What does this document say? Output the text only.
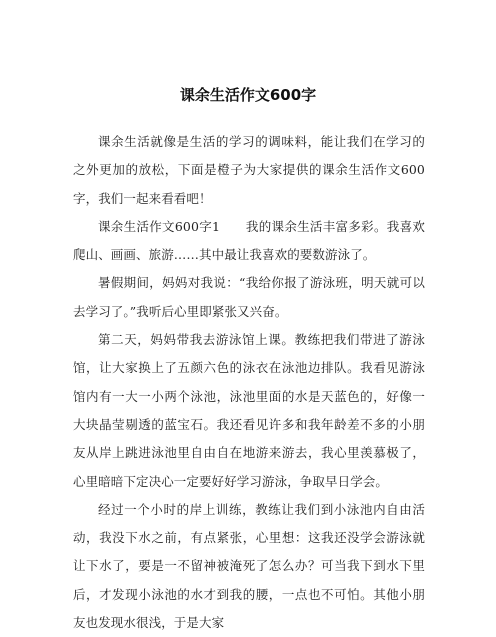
课余生活作文600字

课余生活就像是生活的学习的调味料，能让我们在学习的之外更加的放松，下面是橙子为大家提供的课余生活作文600字，我们一起来看看吧！

课余生活作文600字1　　我的课余生活丰富多彩。我喜欢爬山、画画、旅游……其中最让我喜欢的要数游泳了。

暑假期间，妈妈对我说：“我给你报了游泳班，明天就可以去学习了。”我听后心里即紧张又兴奋。

第二天，妈妈带我去游泳馆上课。教练把我们带进了游泳馆，让大家换上了五颜六色的泳衣在泳池边排队。我看见游泳馆内有一大一小两个泳池，泳池里面的水是天蓝色的，好像一大块晶莹剔透的蓝宝石。我还看见许多和我年龄差不多的小朋友从岸上跳进泳池里自由自在地游来游去，我心里羡慕极了，心里暗暗下定决心一定要好好学习游泳，争取早日学会。

经过一个小时的岸上训练，教练让我们到小泳池内自由活动，我没下水之前，有点紧张，心里想：这我还没学会游泳就让下水了，要是一不留神被淹死了怎么办？可当我下到水下里后，才发现小泳池的水才到我的腰，一点也不可怕。其他小朋友也发现水很浅，于是大家
